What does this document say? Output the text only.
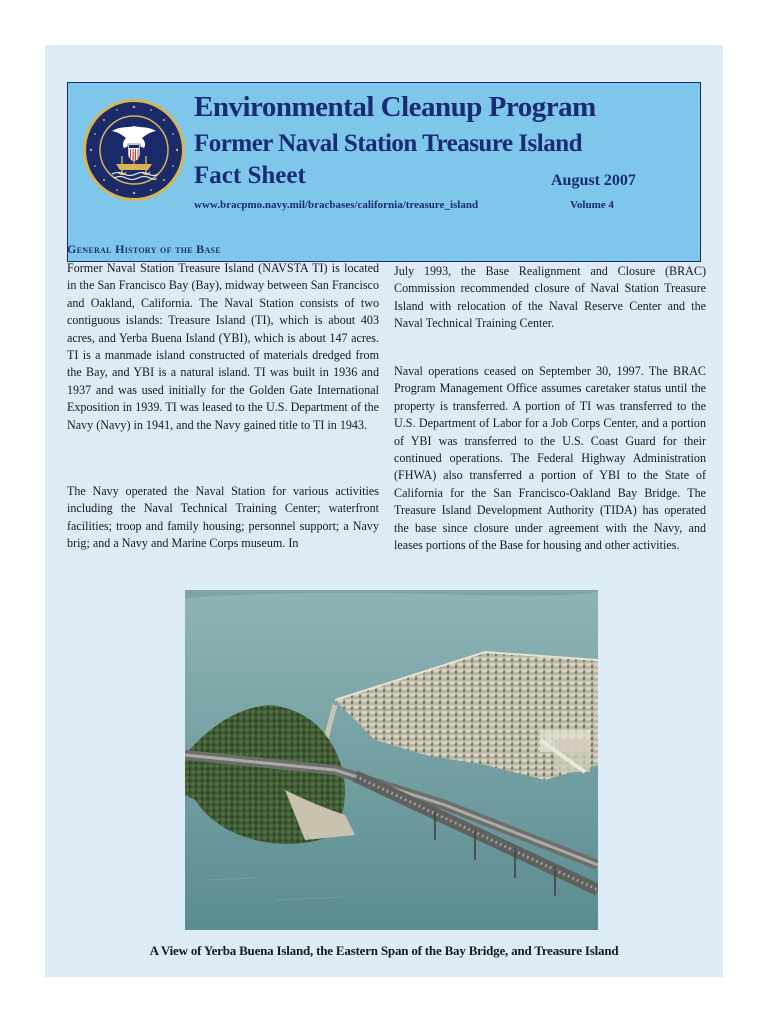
Environmental Cleanup Program
Former Naval Station Treasure Island
Fact Sheet	August 2007
www.bracpmo.navy.mil/bracbases/california/treasure_island	Volume 4
General History of the Base

Former Naval Station Treasure Island (NAVSTA TI) is located in the San Francisco Bay (Bay), midway between San Francisco and Oakland, California. The Naval Station consists of two contiguous islands: Treasure Island (TI), which is about 403 acres, and Yerba Buena Island (YBI), which is about 147 acres. TI is a manmade island constructed of materials dredged from the Bay, and YBI is a natural island. TI was built in 1936 and 1937 and was used initially for the Golden Gate International Exposition in 1939. TI was leased to the U.S. Department of the Navy (Navy) in 1941, and the Navy gained title to TI in 1943.

The Navy operated the Naval Station for various activities including the Naval Technical Training Center; waterfront facilities; troop and family housing; personnel support; a Navy brig; and a Navy and Marine Corps museum. In

July 1993, the Base Realignment and Closure (BRAC) Commission recommended closure of Naval Station Treasure Island with relocation of the Naval Reserve Center and the Naval Technical Training Center.

Naval operations ceased on September 30, 1997. The BRAC Program Management Office assumes caretaker status until the property is transferred. A portion of TI was transferred to the U.S. Department of Labor for a Job Corps Center, and a portion of YBI was transferred to the U.S. Coast Guard for their continued operations. The Federal Highway Administration (FHWA) also transferred a portion of YBI to the State of California for the San Francisco-Oakland Bay Bridge. The Treasure Island Development Authority (TIDA) has operated the base since closure under agreement with the Navy, and leases portions of the Base for housing and other activities.

A View of Yerba Buena Island, the Eastern Span of the Bay Bridge, and Treasure Island
